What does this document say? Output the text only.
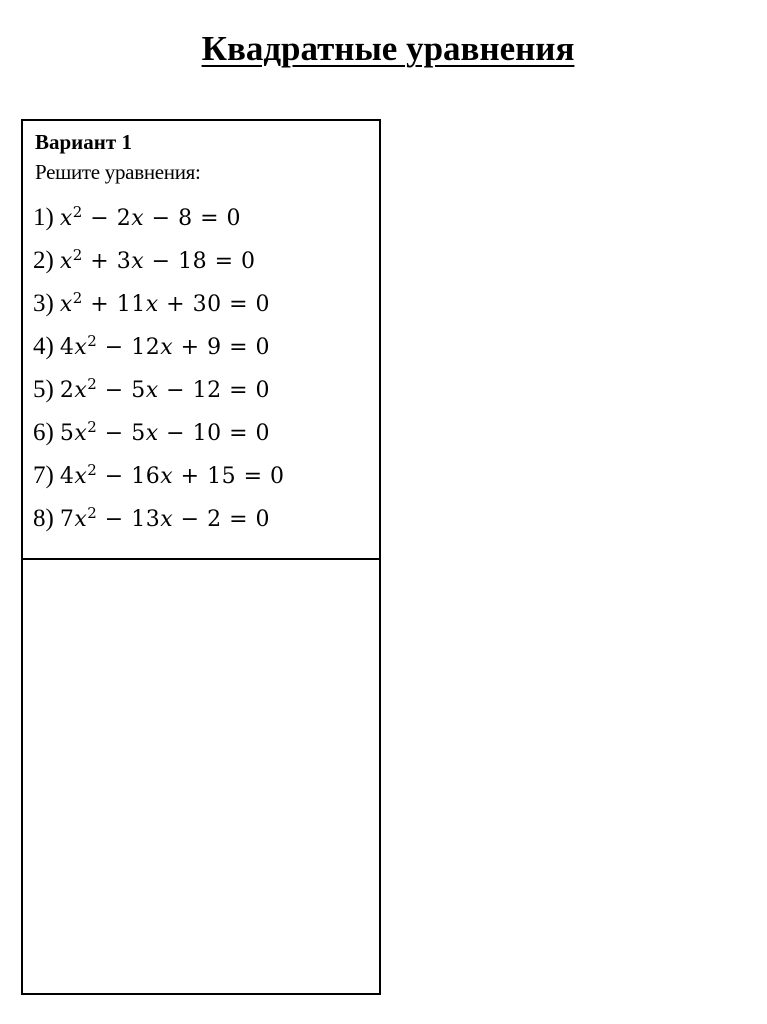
Квадратные уравнения
Вариант 1
Решите уравнения:
1) $x^2 - 2x - 8 = 0$
2) $x^2 + 3x - 18 = 0$
3) $x^2 + 11x + 30 = 0$
4) $4x^2 - 12x + 9 = 0$
5) $2x^2 - 5x - 12 = 0$
6) $5x^2 - 5x - 10 = 0$
7) $4x^2 - 16x + 15 = 0$
8) $7x^2 - 13x - 2 = 0$
